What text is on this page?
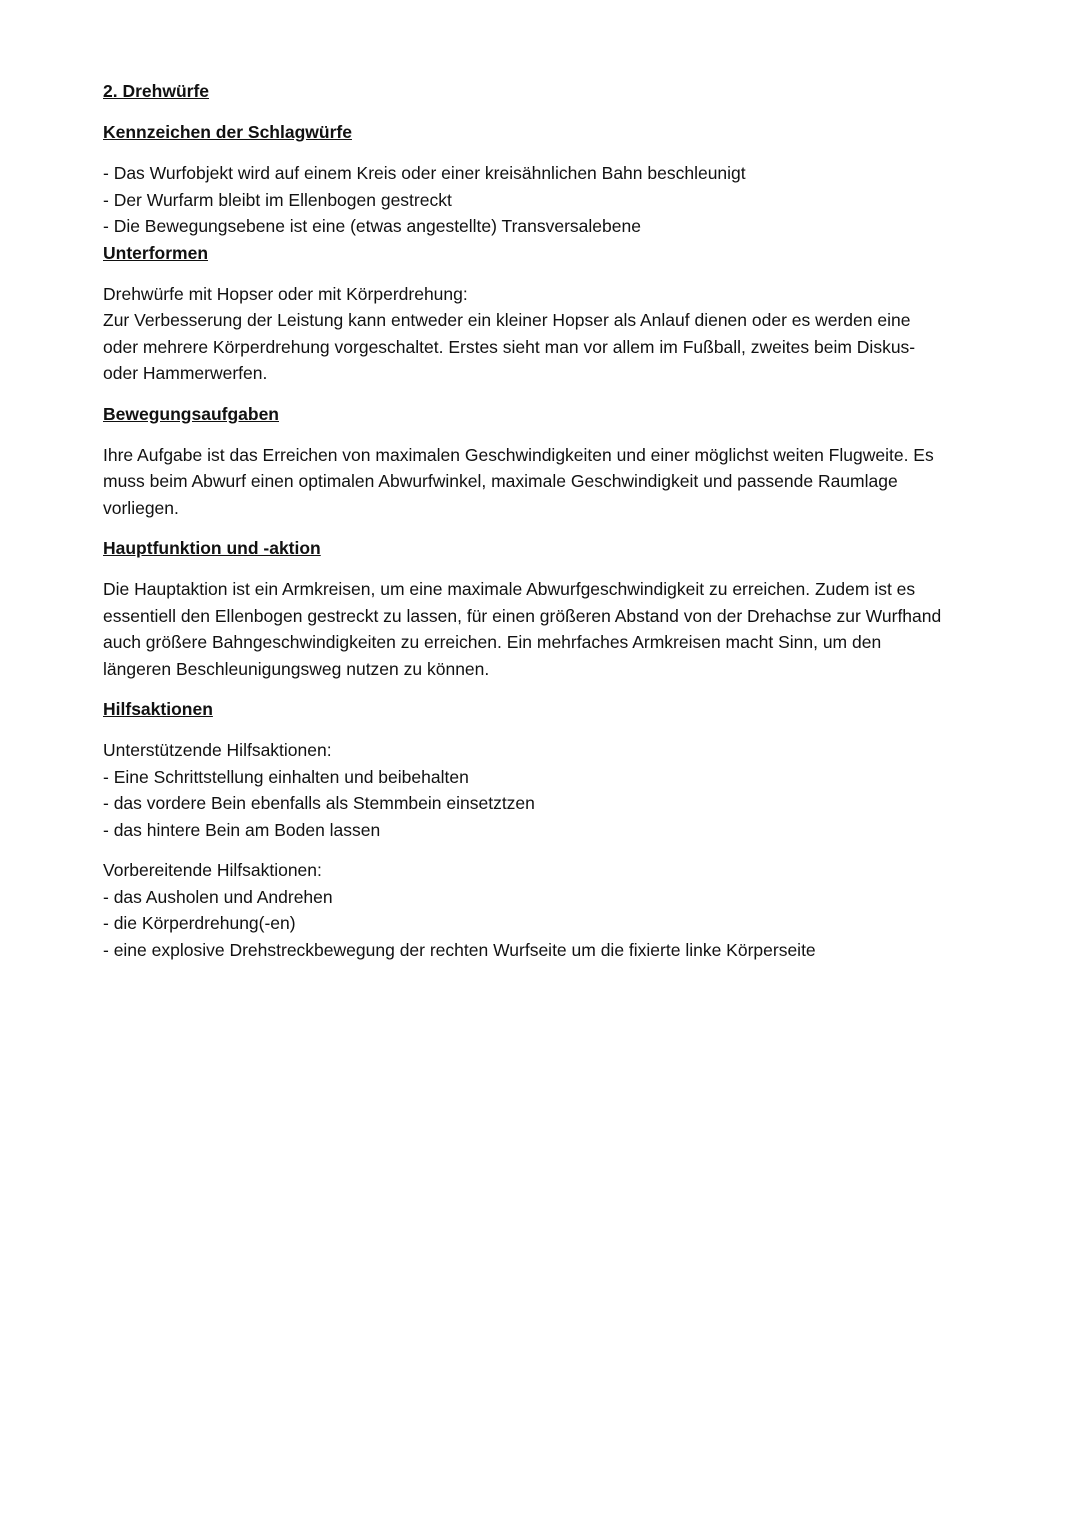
2. Drehwürfe
Kennzeichen der Schlagwürfe
- Das Wurfobjekt wird auf einem Kreis oder einer kreisähnlichen Bahn beschleunigt
- Der Wurfarm bleibt im Ellenbogen gestreckt
- Die Bewegungsebene ist eine (etwas angestellte) Transversalebene
Unterformen
Drehwürfe mit Hopser oder mit Körperdrehung:
Zur Verbesserung der Leistung kann entweder ein kleiner Hopser als Anlauf dienen oder es werden eine
oder mehrere Körperdrehung vorgeschaltet. Erstes sieht man vor allem im Fußball, zweites beim Diskus-
oder Hammerwerfen.
Bewegungsaufgaben
Ihre Aufgabe ist das Erreichen von maximalen Geschwindigkeiten und einer möglichst weiten Flugweite. Es
muss beim Abwurf einen optimalen Abwurfwinkel, maximale Geschwindigkeit und passende Raumlage
vorliegen.
Hauptfunktion und -aktion
Die Hauptaktion ist ein Armkreisen, um eine maximale Abwurfgeschwindigkeit zu erreichen. Zudem ist es
essentiell den Ellenbogen gestreckt zu lassen, für einen größeren Abstand von der Drehachse zur Wurfhand
auch größere Bahngeschwindigkeiten zu erreichen. Ein mehrfaches Armkreisen macht Sinn, um den
längeren Beschleunigungsweg nutzen zu können.
Hilfsaktionen
Unterstützende Hilfsaktionen:
- Eine Schrittstellung einhalten und beibehalten
- das vordere Bein ebenfalls als Stemmbein einsetztzen
- das hintere Bein am Boden lassen
Vorbereitende Hilfsaktionen:
- das Ausholen und Andrehen
- die Körperdrehung(-en)
- eine explosive Drehstreckbewegung der rechten Wurfseite um die fixierte linke Körperseite
